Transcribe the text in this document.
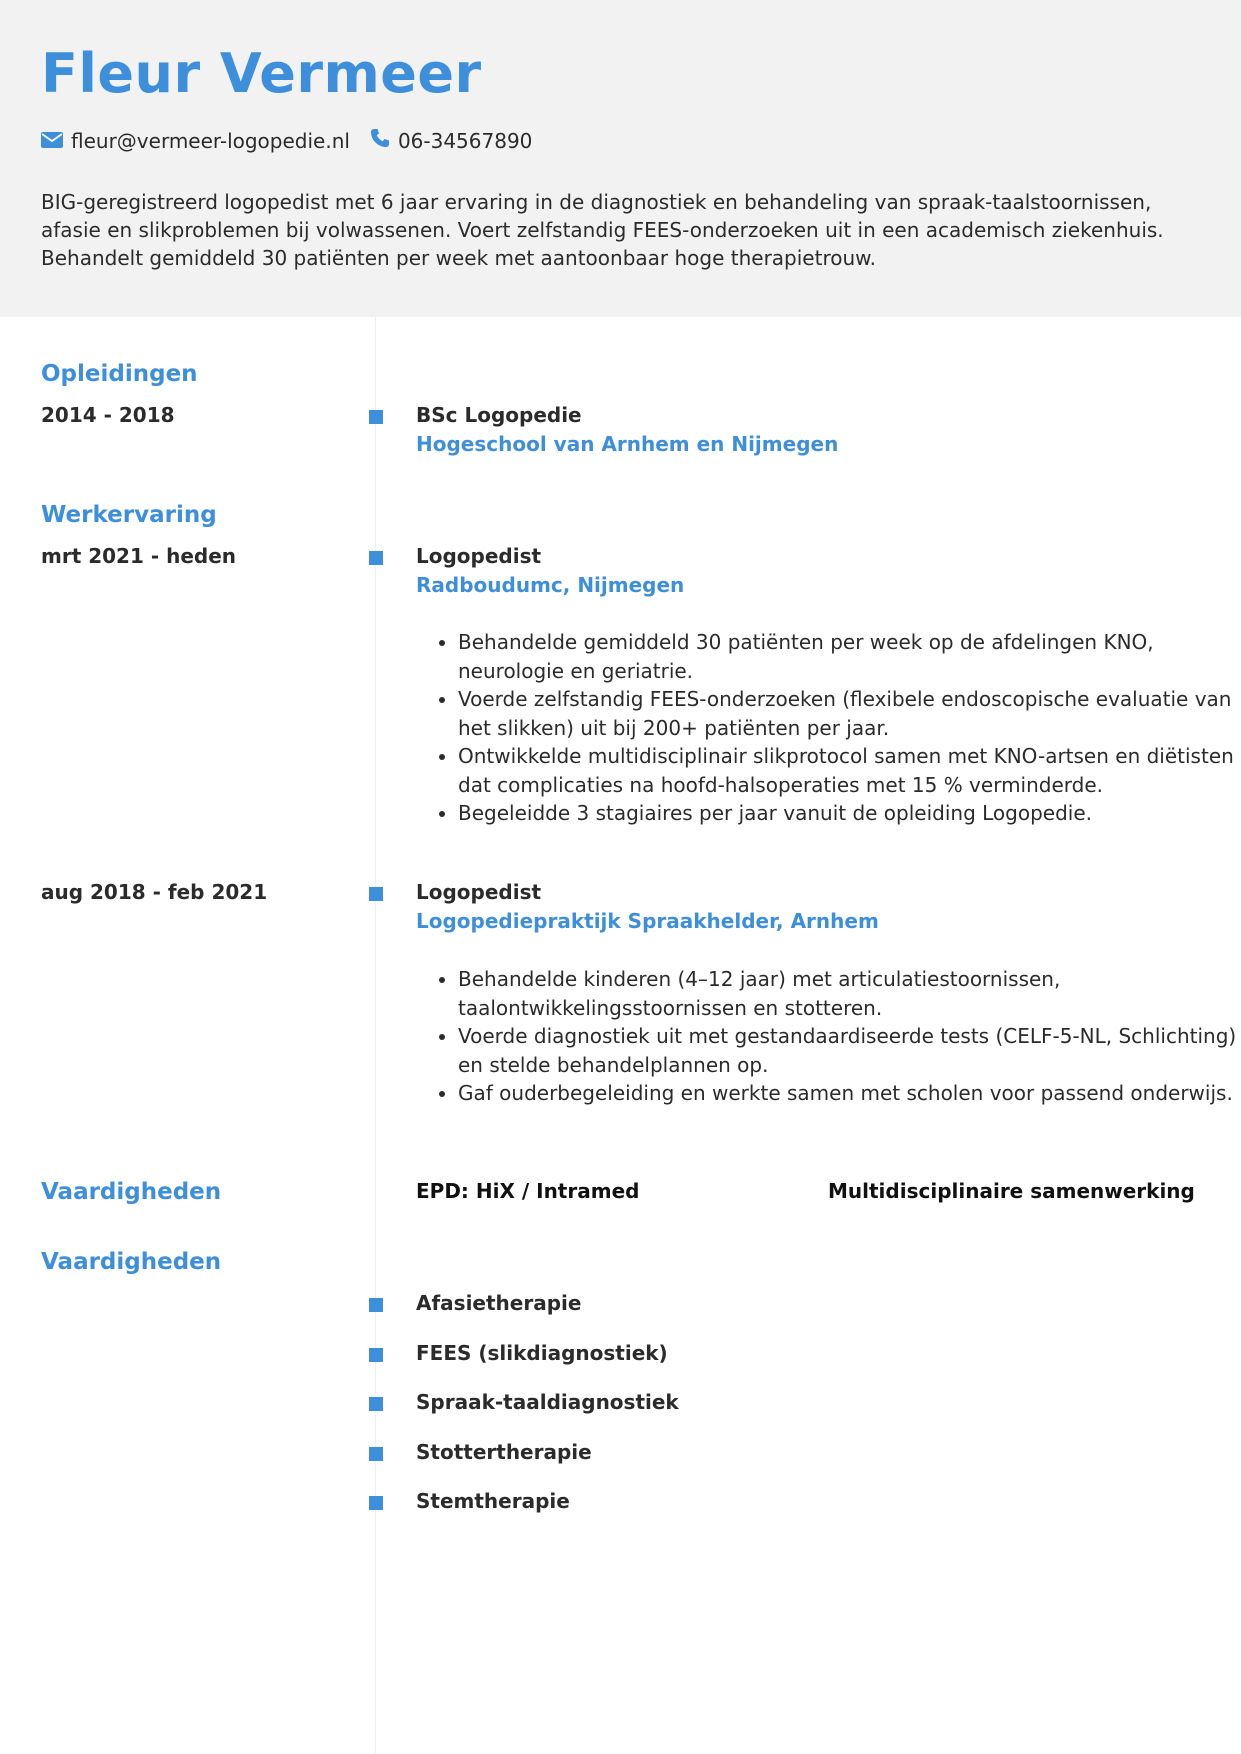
Fleur Vermeer
fleur@vermeer-logopedie.nl 06-34567890

BIG-geregistreerd logopedist met 6 jaar ervaring in de diagnostiek en behandeling van spraak-taalstoornissen, afasie en slikproblemen bij volwassenen. Voert zelfstandig FEES-onderzoeken uit in een academisch ziekenhuis. Behandelt gemiddeld 30 patiënten per week met aantoonbaar hoge therapietrouw.

Opleidingen
2014 - 2018	BSc Logopedie
Hogeschool van Arnhem en Nijmegen
Werkervaring
mrt 2021 - heden	Logopedist
Radboudumc, Nijmegen
• Behandelde gemiddeld 30 patiënten per week op de afdelingen KNO, neurologie en geriatrie.
• Voerde zelfstandig FEES-onderzoeken (flexibele endoscopische evaluatie van het slikken) uit bij 200+ patiënten per jaar.
• Ontwikkelde multidisciplinair slikprotocol samen met KNO-artsen en diëtisten dat complicaties na hoofd-halsoperaties met 15 % verminderde.
• Begeleidde 3 stagiaires per jaar vanuit de opleiding Logopedie.
aug 2018 - feb 2021	Logopedist
Logopediepraktijk Spraakhelder, Arnhem
• Behandelde kinderen (4–12 jaar) met articulatiestoornissen, taalontwikkelingsstoornissen en stotteren.
• Voerde diagnostiek uit met gestandaardiseerde tests (CELF-5-NL, Schlichting) en stelde behandelplannen op.
• Gaf ouderbegeleiding en werkte samen met scholen voor passend onderwijs.
Vaardigheden	EPD: HiX / Intramed	Multidisciplinaire samenwerking
Vaardigheden
Afasietherapie
FEES (slikdiagnostiek)
Spraak-taaldiagnostiek
Stottertherapie
Stemtherapie
